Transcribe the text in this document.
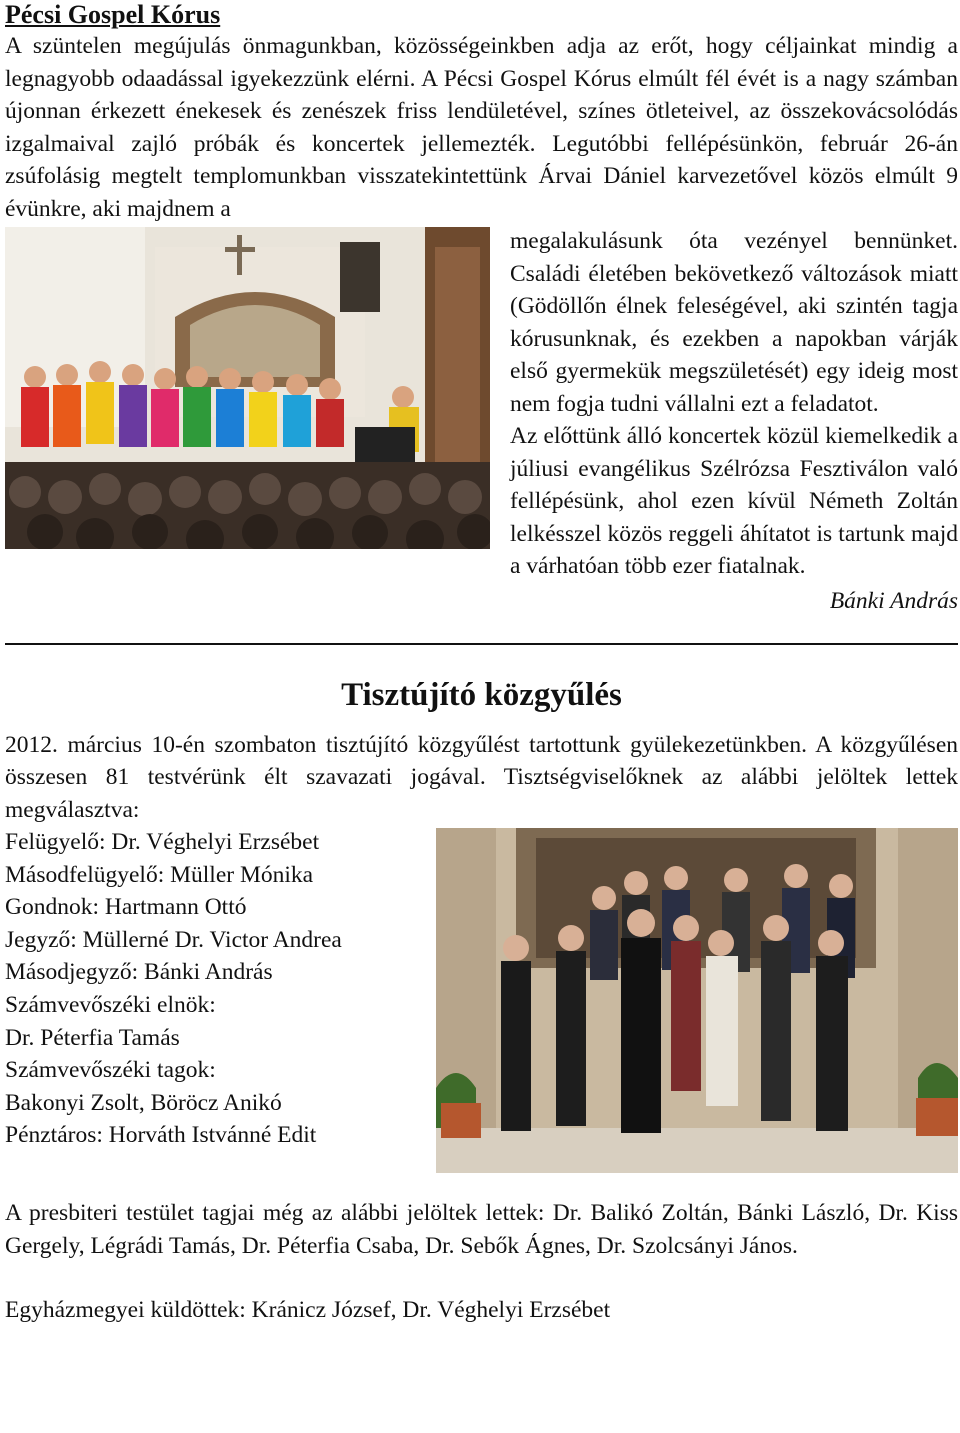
Pécsi Gospel Kórus

A szüntelen megújulás önmagunkban, közösségeinkben adja az erőt, hogy céljainkat mindig a legnagyobb odaadással igyekezzünk elérni. A Pécsi Gospel Kórus elmúlt fél évét is a nagy számban újonnan érkezett énekesek és zenészek friss lendületével, színes ötleteivel, az összekovácsolódás izgalmaival zajló próbák és koncertek jellemezték. Legutóbbi fellépésünkön, február 26-án zsúfolásig megtelt templomunkban visszatekintettünk Árvai Dániel karvezetővel közös elmúlt 9 évünkre, aki majdnem a

megalakulásunk óta vezényel bennünket. Családi életében bekövetkező változások miatt (Gödöllőn élnek feleségével, aki szintén tagja kórusunknak, és ezekben a napokban várják első gyermekük megszületését) egy ideig most nem fogja tudni vállalni ezt a feladatot.

Az előttünk álló koncertek közül kiemelkedik a júliusi evangélikus Szélrózsa Fesztiválon való fellépésünk, ahol ezen kívül Németh Zoltán lelkésszel közös reggeli áhítatot is tartunk majd a várhatóan több ezer fiatalnak.

Bánki András
Tisztújító közgyűlés

2012. március 10-én szombaton tisztújító közgyűlést tartottunk gyülekezetünkben. A közgyűlésen összesen 81 testvérünk élt szavazati jogával. Tisztségviselőknek az alábbi jelöltek lettek megválasztva:

Felügyelő: Dr. Véghelyi Erzsébet
Másodfelügyelő: Müller Mónika
Gondnok: Hartmann Ottó
Jegyző: Müllerné Dr. Victor Andrea
Másodjegyző: Bánki András
Számvevőszéki elnök:
Dr. Péterfia Tamás
Számvevőszéki tagok:
Bakonyi Zsolt, Böröcz Anikó
Pénztáros: Horváth Istvánné Edit

A presbiteri testület tagjai még az alábbi jelöltek lettek: Dr. Balikó Zoltán, Bánki László, Dr. Kiss Gergely, Légrádi Tamás, Dr. Péterfia Csaba, Dr. Sebők Ágnes, Dr. Szolcsányi János.

Egyházmegyei küldöttek: Kránicz József, Dr. Véghelyi Erzsébet
